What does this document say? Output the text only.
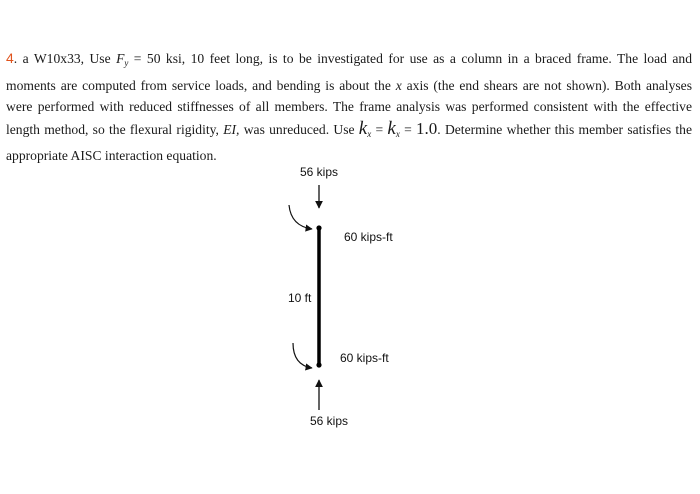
4. a W10x33, Use $F_y = 50$ ksi, 10 feet long, is to be investigated for use as a column in a braced frame. The load and moments are computed from service loads, and bending is about the x axis (the end shears are not shown). Both analyses were performed with reduced stiffnesses of all members. The frame analysis was performed consistent with the effective length method, so the flexural rigidity, EI, was unreduced. Use $k_x = k_x = 1.0$. Determine whether this member satisfies the appropriate AISC interaction equation.

56 kips
60 kips-ft
10 ft
60 kips-ft
56 kips
